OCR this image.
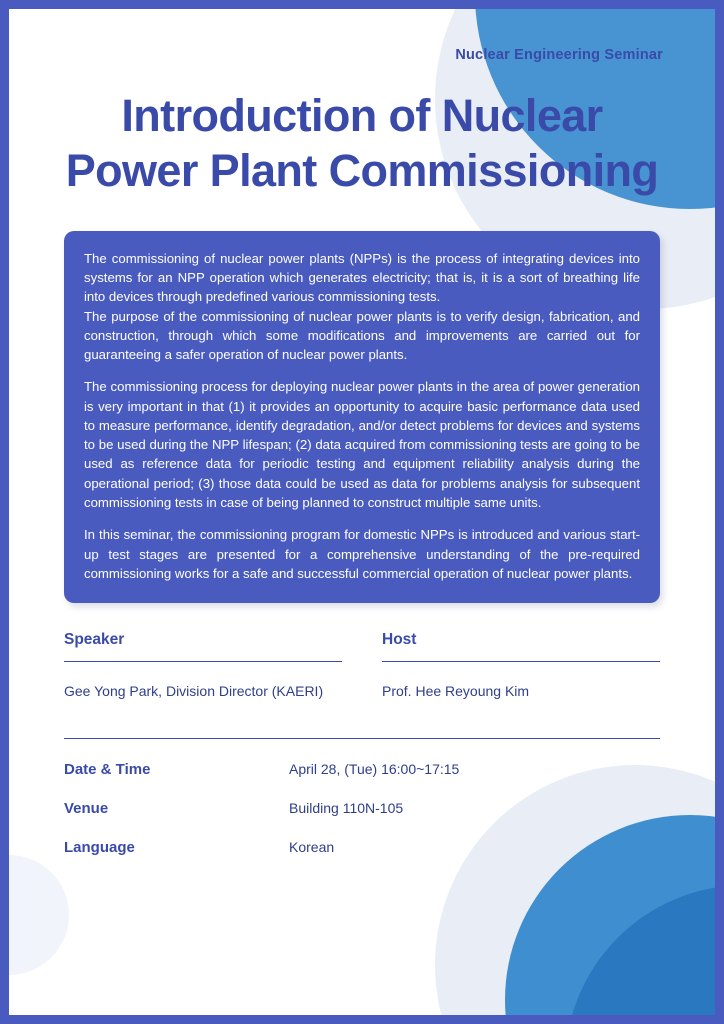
Nuclear Engineering Seminar
Introduction of Nuclear
Power Plant Commissioning

The commissioning of nuclear power plants (NPPs) is the process of integrating devices into systems for an NPP operation which generates electricity; that is, it is a sort of breathing life into devices through predefined various commissioning tests.

The purpose of the commissioning of nuclear power plants is to verify design, fabrication, and construction, through which some modifications and improvements are carried out for guaranteeing a safer operation of nuclear power plants.

The commissioning process for deploying nuclear power plants in the area of power generation is very important in that (1) it provides an opportunity to acquire basic performance data used to measure performance, identify degradation, and/or detect problems for devices and systems to be used during the NPP lifespan; (2) data acquired from commissioning tests are going to be used as reference data for periodic testing and equipment reliability analysis during the operational period; (3) those data could be used as data for problems analysis for subsequent commissioning tests in case of being planned to construct multiple same units.

In this seminar, the commissioning program for domestic NPPs is introduced and various start-up test stages are presented for a comprehensive understanding of the pre-required commissioning works for a safe and successful commercial operation of nuclear power plants.

Speaker
Gee Yong Park, Division Director (KAERI)
Host
Prof. Hee Reyoung Kim
Date & Time	April 28, (Tue) 16:00~17:15
Venue	Building 110N-105
Language	Korean
